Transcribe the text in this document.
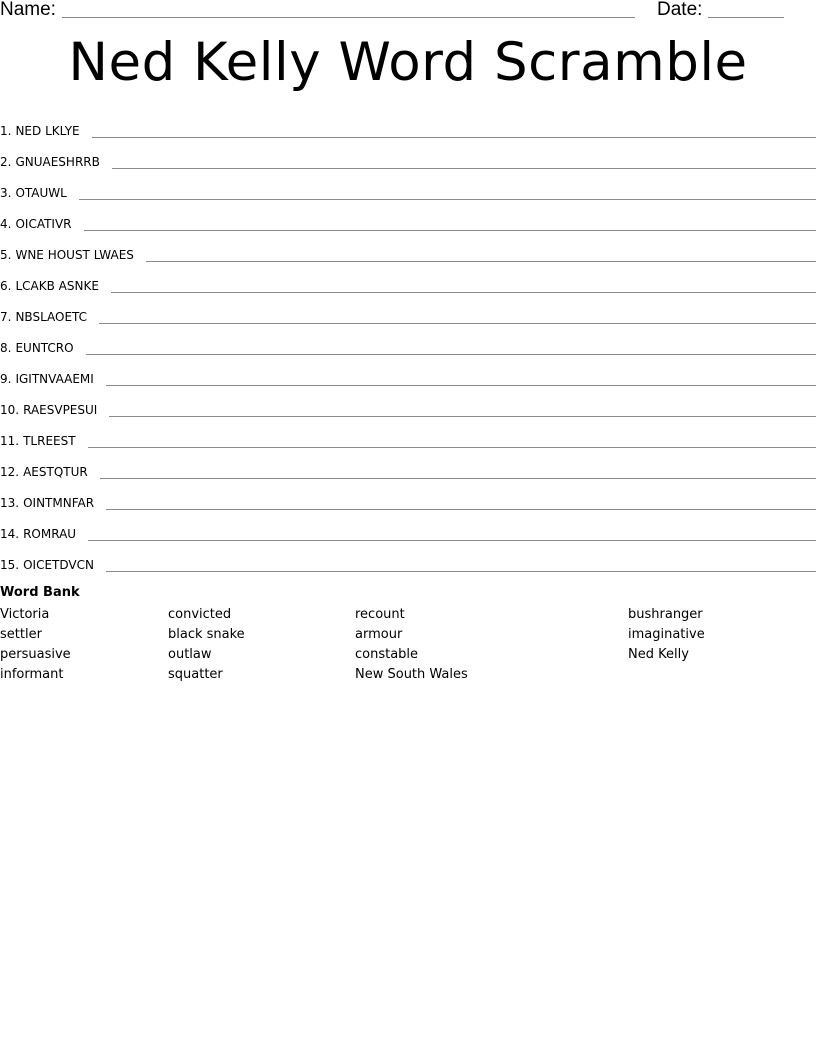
Name:	Date:
Ned Kelly Word Scramble
1. NED LKLYE
2. GNUAESHRRB
3. OTAUWL
4. OICATIVR
5. WNE HOUST LWAES
6. LCAKB ASNKE
7. NBSLAOETC
8. EUNTCRO
9. IGITNVAAEMI
10. RAESVPESUI
11. TLREEST
12. AESTQTUR
13. OINTMNFAR
14. ROMRAU
15. OICETDVCN
Word Bank
Victoria
settler
persuasive
informant
convicted
black snake
outlaw
squatter
recount
armour
constable
New South Wales
bushranger
imaginative
Ned Kelly
